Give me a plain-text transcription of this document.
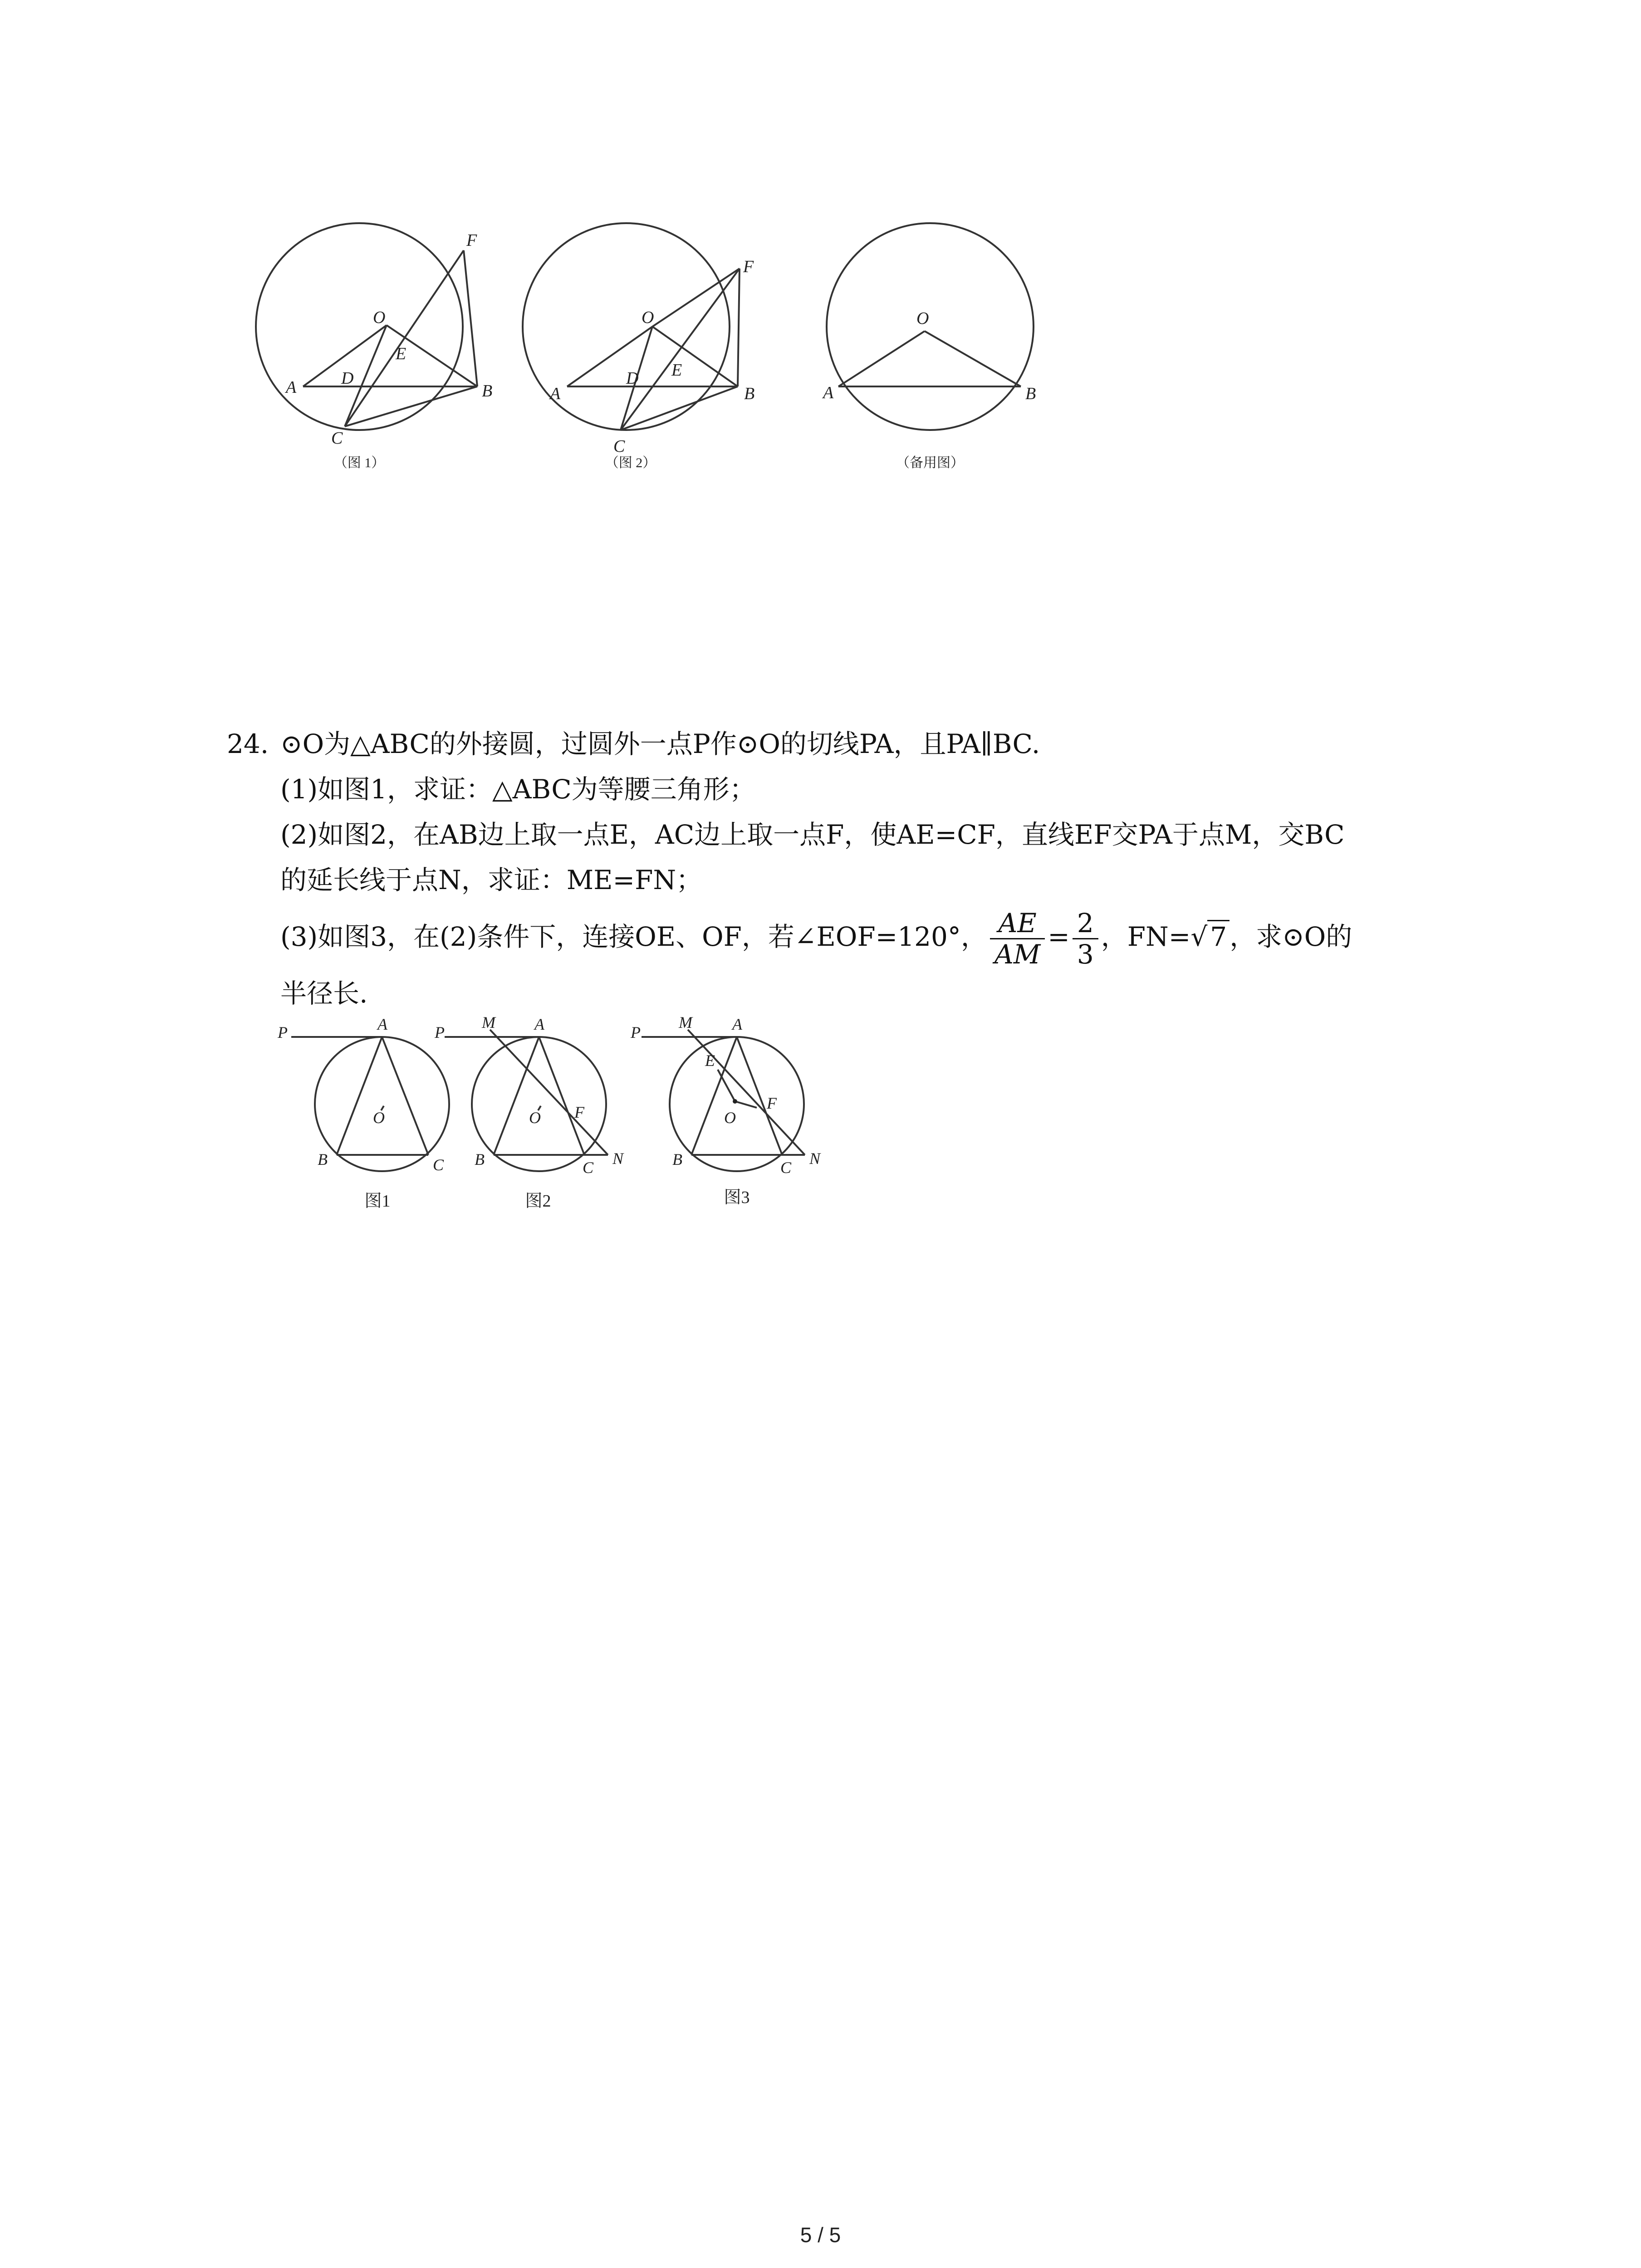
F
O
E
D
A	B
C
F
O
E
D
A	B
C
O
A	B
（图 1）	（图 2）	（备用图）
24. ⊙O为△ABC的外接圆，过圆外一点P作⊙O的切线PA，且PA∥BC.
(1)如图1，求证：△ABC为等腰三角形；
(2)如图2，在AB边上取一点E，AC边上取一点F，使AE=CF，直线EF交PA于点M，交BC
的延长线于点N，求证：ME=FN；
(3)如图3，在(2)条件下，连接OE、OF，若∠EOF=120°， $\frac{AE}{AM} = \frac{2}{3}$ ，FN=√ 7 ，求⊙O的
半径长.
P	A
O
B	C
P
M A
F
O
B	C N
P
M A
E
F
O
B	C N
图1	图2	图3
5 / 5
